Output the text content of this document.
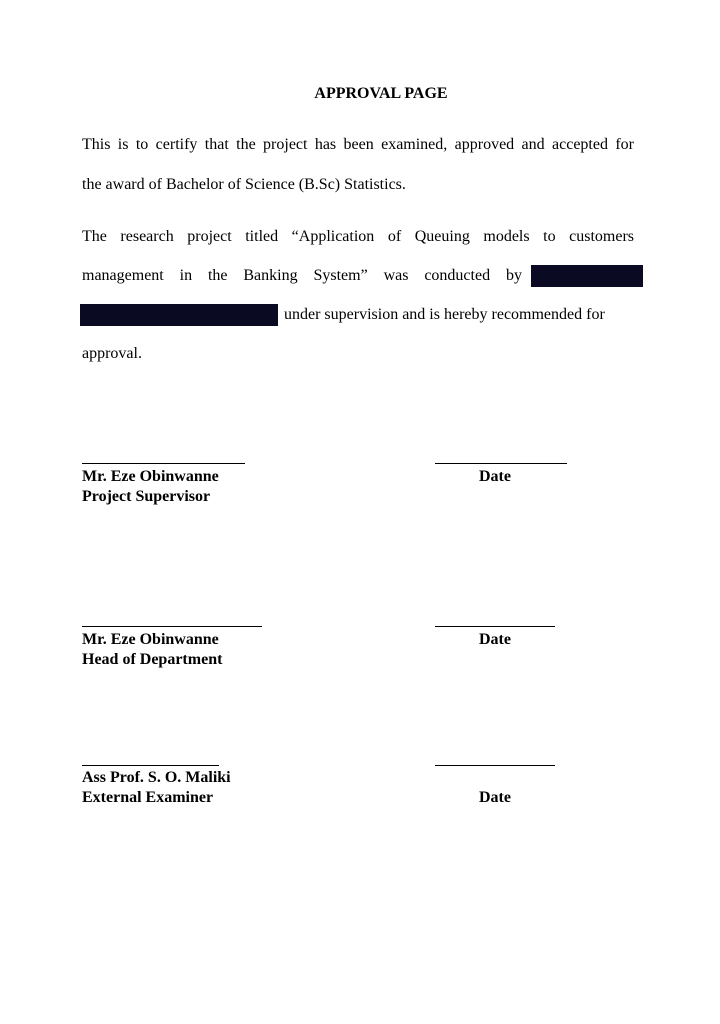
APPROVAL PAGE

This is to certify that the project has been examined, approved and accepted for

the award of Bachelor of Science (B.Sc) Statistics.

The research project titled “Application of Queuing models to customers

management in the Banking System” was conducted by
under supervision and is hereby recommended for

approval.

Mr. Eze Obinwanne	Date
Project Supervisor
Mr. Eze Obinwanne	Date
Head of Department
Ass Prof. S. O. Maliki
External Examiner	Date
